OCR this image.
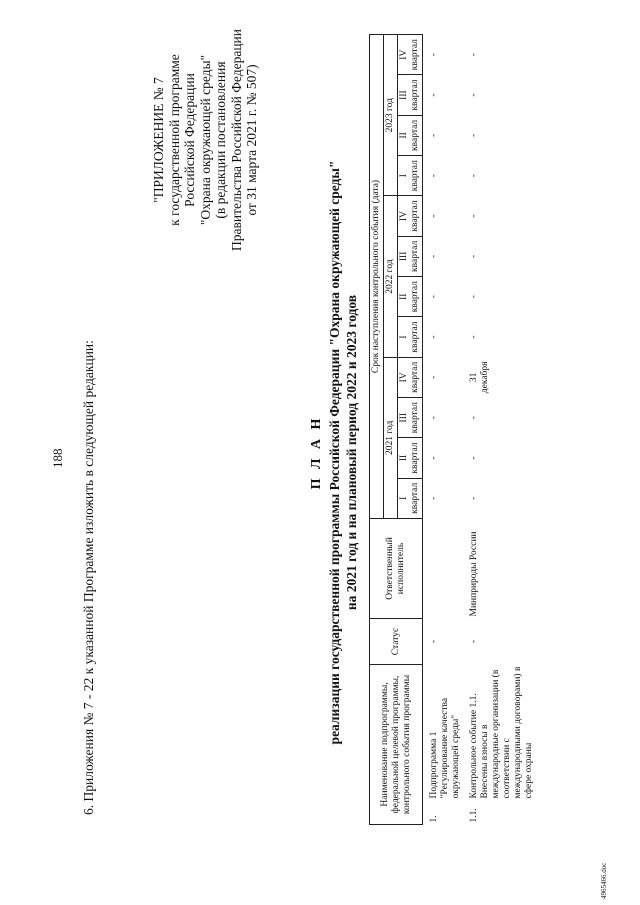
188 6. Приложения № 7 - 22 к указанной Программе изложить в следующей редакции:
"ПРИЛОЖЕНИЕ № 7 к государственной программе Российской Федерации "Охрана окружающей среды" (в редакции постановления Правительства Российской Федерации от 31 марта 2021 г. № 507)
П Л А Н реализации государственной программы Российской Федерации "Охрана окружающей среды" на 2021 год и на плановый период 2022 и 2023 годов
Наименование подпрограммы, федеральной целевой программы, контрольного события программы	Статус	Ответственный исполнитель	Срок наступления контрольного события (дата)											
			2021 год				2022 год				2023 год			
			I квартал	II квартал	III квартал	IV квартал	I квартал	II квартал	III квартал	IV квартал	I квартал	II квартал	III квартал	IV квартал

1.
Подпрограмма 1 "Регулирование качества окружающей среды"	-		-	-	-	-	-	-	-	-	-	-	-	-

1.1.
Контрольное событие 1.1. Внесены взносы в международные организации (в соответствии с международными договорами) в сфере охраны	-	Минприроды России	-	-	-	31 декабря	-	-	-	-	-	-	-	-
4965466.doc
